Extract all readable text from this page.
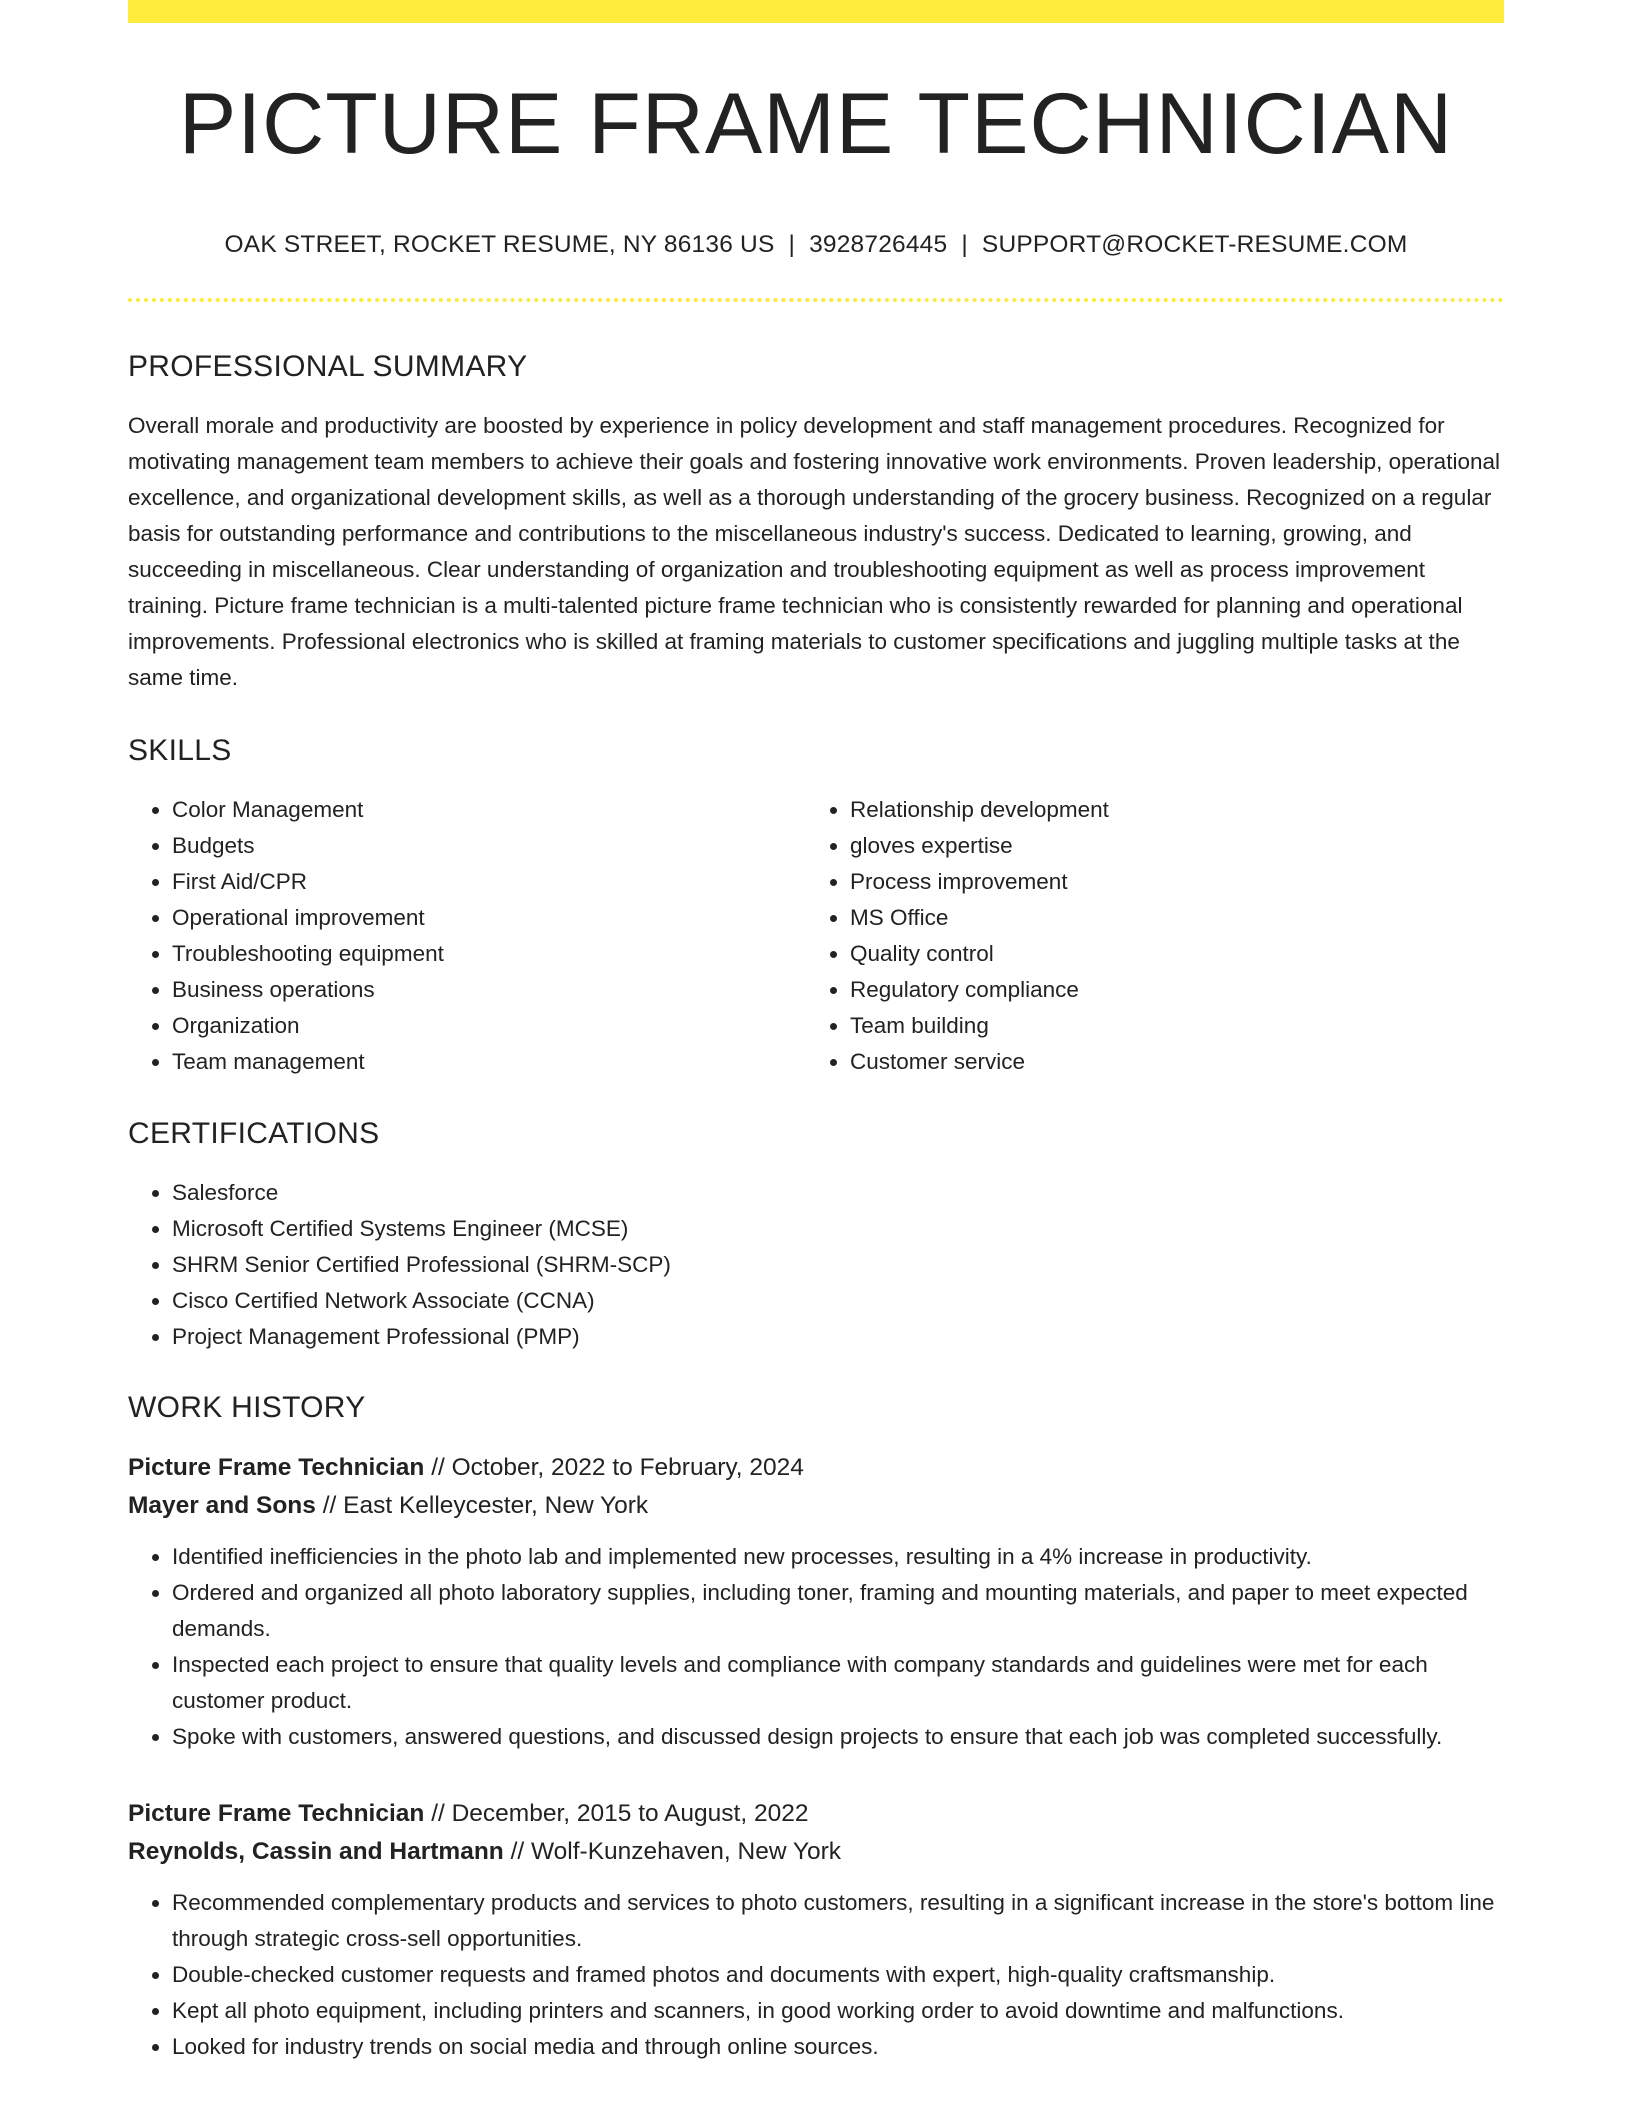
PICTURE FRAME TECHNICIAN
OAK STREET, ROCKET RESUME, NY 86136 US | 3928726445 | SUPPORT@ROCKET-RESUME.COM
PROFESSIONAL SUMMARY

Overall morale and productivity are boosted by experience in policy development and staff management procedures. Recognized for motivating management team members to achieve their goals and fostering innovative work environments. Proven leadership, operational excellence, and organizational development skills, as well as a thorough understanding of the grocery business. Recognized on a regular basis for outstanding performance and contributions to the miscellaneous industry's success. Dedicated to learning, growing, and succeeding in miscellaneous. Clear understanding of organization and troubleshooting equipment as well as process improvement training. Picture frame technician is a multi-talented picture frame technician who is consistently rewarded for planning and operational improvements. Professional electronics who is skilled at framing materials to customer specifications and juggling multiple tasks at the same time.

SKILLS
• Color Management
• Budgets
• First Aid/CPR
• Operational improvement
• Troubleshooting equipment
• Business operations
• Organization
• Team management
• Relationship development
• gloves expertise
• Process improvement
• MS Office
• Quality control
• Regulatory compliance
• Team building
• Customer service
CERTIFICATIONS
• Salesforce
• Microsoft Certified Systems Engineer (MCSE)
• SHRM Senior Certified Professional (SHRM-SCP)
• Cisco Certified Network Associate (CCNA)
• Project Management Professional (PMP)
WORK HISTORY
Picture Frame Technician // October, 2022 to February, 2024
Mayer and Sons // East Kelleycester, New York
• Identified inefficiencies in the photo lab and implemented new processes, resulting in a 4% increase in productivity.
• Ordered and organized all photo laboratory supplies, including toner, framing and mounting materials, and paper to meet expected demands.
• Inspected each project to ensure that quality levels and compliance with company standards and guidelines were met for each customer product.
• Spoke with customers, answered questions, and discussed design projects to ensure that each job was completed successfully.
Picture Frame Technician // December, 2015 to August, 2022
Reynolds, Cassin and Hartmann // Wolf-Kunzehaven, New York
• Recommended complementary products and services to photo customers, resulting in a significant increase in the store's bottom line through strategic cross-sell opportunities.
• Double-checked customer requests and framed photos and documents with expert, high-quality craftsmanship.
• Kept all photo equipment, including printers and scanners, in good working order to avoid downtime and malfunctions.
• Looked for industry trends on social media and through online sources.
